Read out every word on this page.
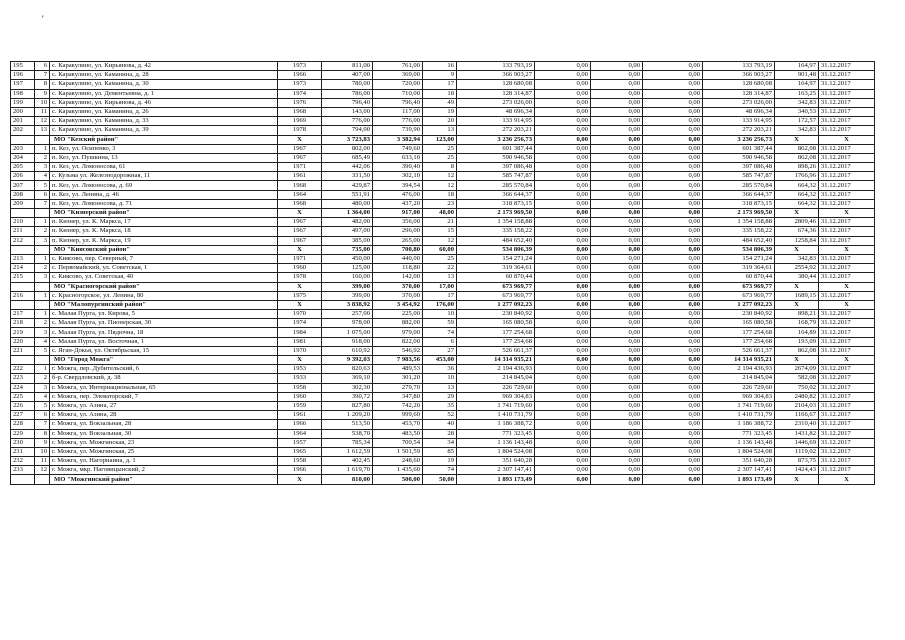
'
195	6	с. Каракулино, ул. Кирьянова, д. 42	1973	811,00	761,00	16	133 793,19	0,00	0,00	0,00	133 793,19	164,97	31.12.2017
196	7	с. Каракулино, ул. Каманина, д. 28	1966	407,00	369,00	9	366 903,27	0,00	0,00	0,00	366 903,27	901,48	31.12.2017
197	8	с. Каракулино, ул. Каманина, д. 30	1973	780,00	720,00	17	128 680,08	0,00	0,00	0,00	128 680,08	164,97	31.12.2017
198	9	с. Каракулино, ул. Дементьевна, д. 1	1974	786,00	710,00	18	128 314,87	0,00	0,00	0,00	128 314,87	163,25	31.12.2017
199	10	с. Каракулино, ул. Кирьянова, д. 46	1976	796,40	796,40	49	273 026,00	0,00	0,00	0,00	273 026,00	342,83	31.12.2017
200	11	с. Каракулино, ул. Каманина, д. 26	1968	143,00	117,00	19	48 696,34	0,00	0,00	0,00	48 696,34	340,53	31.12.2017
201	12	с. Каракулино, ул. Каманина, д. 33	1969	776,00	776,00	20	133 914,95	0,00	0,00	0,00	133 914,95	172,57	31.12.2017
202	13	с. Каракулино, ул. Каманина, д. 39	1978	794,00	739,90	13	272 203,21	0,00	0,00	0,00	272 203,21	342,83	31.12.2017
		МО "Кезский район"	X	3 723,83	3 382,94	123,00	3 236 256,73	0,00	0,00	0,00	3 236 256,73	X	X
203	1	п. Кез, ул. Осипенко, 3	1967	802,00	749,60	25	691 387,44	0,00	0,00	0,00	691 387,44	862,08	31.12.2017
204	2	п. Кез, ул. Пушкина, 13	1967	685,49	633,10	25	590 946,58	0,00	0,00	0,00	590 946,58	862,08	31.12.2017
205	3	п. Кез, ул. Ломоносова, 61	1971	442,06	390,40	8	397 086,48	0,00	0,00	0,00	397 086,48	898,26	31.12.2017
206	4	с. Кузьма ул. Железнодорожная, 11	1961	331,50	302,10	12	585 747,87	0,00	0,00	0,00	585 747,87	1766,96	31.12.2017
207	5	п. Кез, ул. Ломоносова, д. 69	1968	429,87	394,54	12	285 570,84	0,00	0,00	0,00	285 570,84	664,32	31.12.2017
208	6	п. Кез, ул. Ленина, д. 46	1964	551,91	476,00	18	366 644,37	0,00	0,00	0,00	366 644,37	664,32	31.12.2017
209	7	п. Кез, ул. Ломоносова, д. 71	1968	480,00	437,20	23	318 873,15	0,00	0,00	0,00	318 873,15	664,32	31.12.2017
		МО "Кизнерский район"	X	1 364,00	917,00	48,00	2 173 969,50	0,00	0,00	0,00	2 173 969,50	X	X
210	1	п. Кизнер, ул. К. Маркса, 17	1967	482,00	356,00	21	1 354 158,88	0,00	0,00	0,00	1 354 158,88	2809,46	31.12.2017
211	2	п. Кизнер, ул. К. Маркса, 18	1967	497,00	296,00	15	335 158,22	0,00	0,00	0,00	335 158,22	674,36	31.12.2017
212	3	п. Кизнер, ул. К. Маркса, 19	1967	385,00	265,00	12	484 652,40	0,00	0,00	0,00	484 652,40	1258,84	31.12.2017
		МО "Киясовский район"	X	735,00	700,80	60,00	534 806,39	0,00	0,00	0,00	534 806,39	X	X
213	1	с. Киясово, пер. Северный, 7	1971	450,00	440,00	25	154 271,24	0,00	0,00	0,00	154 271,24	342,83	31.12.2017
214	2	с. Первомайский, ул. Советская, 1	1960	125,00	118,80	22	319 364,61	0,00	0,00	0,00	319 364,61	2554,92	31.12.2017
215	3	с. Киясово, ул. Советская, 40	1978	160,00	142,00	13	60 870,44	0,00	0,00	0,00	60 870,44	380,44	31.12.2017
		МО "Красногорский район"	X	399,00	370,00	17,00	673 969,77	0,00	0,00	0,00	673 969,77	X	X
216	1	с. Красногорское, ул. Ленина, 80	1975	399,00	370,00	17	673 969,77	0,00	0,00	0,00	673 969,77	1689,15	31.12.2017
		МО "Малопургинский район"	X	3 838,92	3 454,92	176,00	1 277 092,23	0,00	0,00	0,00	1 277 092,23	X	X
217	1	с. Малая Пурга, ул. Кирова, 5	1970	257,00	225,00	10	230 840,92	0,00	0,00	0,00	230 840,92	898,21	31.12.2017
218	2	с. Малая Пурга, ул. Пионерская, 30	1974	978,00	882,00	59	165 080,58	0,00	0,00	0,00	165 080,58	168,79	31.12.2017
219	3	с. Малая Пурга, ул. Пядючна, 18	1984	1 075,00	979,00	74	177 254,68	0,00	0,00	0,00	177 254,68	164,89	31.12.2017
220	4	с. Малая Пурга, ул. Восточная, 1	1981	918,00	822,00	6	177 254,68	0,00	0,00	0,00	177 254,68	193,09	31.12.2017
221	5	с. Яган-Докья, ул. Октябрьская, 15	1970	610,92	546,92	27	526 661,37	0,00	0,00	0,00	526 661,37	862,08	31.12.2017
		МО "Город Можга"	X	9 392,03	7 983,56	453,00	14 314 935,21	0,00	0,00	0,00	14 314 935,21	X	X
222	1	г. Можга, пер. Дубительский, 6	1953	820,63	489,53	36	2 194 436,93	0,00	0,00	0,00	2 194 436,93	2674,09	31.12.2017
223	2	б-р. Свердловский, д. 38	1933	369,10	301,20	10	214 845,04	0,00	0,00	0,00	214 845,04	582,08	31.12.2017
224	3	г. Можга, ул. Интернациональная, 65	1958	302,30	279,70	13	226 729,60	0,00	0,00	0,00	226 729,60	750,02	31.12.2017
225	4	г. Можга, пер. Элеваторский, 7	1960	390,72	347,80	29	969 304,83	0,00	0,00	0,00	969 304,83	2480,82	31.12.2017
226	5	г. Можга, ул. Азина, 27	1959	827,80	742,20	35	1 741 719,60	0,00	0,00	0,00	1 741 719,60	2104,03	31.12.2017
227	6	г. Можга, ул. Азина, 28	1961	1 209,20	999,60	52	1 410 731,79	0,00	0,00	0,00	1 410 731,79	1166,67	31.12.2017
228	7	г. Можга, ул. Вокзальная, 28	1966	513,50	453,70	40	1 186 388,72	0,00	0,00	0,00	1 186 388,72	2310,40	31.12.2017
229	8	г. Можга, ул. Вокзальная, 30	1964	538,70	483,50	28	771 323,45	0,00	0,00	0,00	771 323,45	1431,82	31.12.2017
230	9	г. Можга, ул. Можгинская, 23	1957	785,34	700,54	34	1 136 143,48	0,00	0,00	0,00	1 136 143,48	1446,69	31.12.2017
231	10	г. Можга, ул. Можгинская, 25	1965	1 612,59	1 501,59	85	1 804 524,08	0,00	0,00	0,00	1 804 524,08	1119,02	31.12.2017
232	11	г. Можга, ул. Нагорнаина, д. 1	1958	402,45	248,60	19	351 640,28	0,00	0,00	0,00	351 640,28	873,75	31.12.2017
233	12	г. Можга, мкр. Наговицынский, 2	1966	1 619,70	1 435,60	74	2 307 147,41	0,00	0,00	0,00	2 307 147,41	1424,43	31.12.2017
		МО "Можгинский район"	X	810,00	500,00	50,00	1 893 173,49	0,00	0,00	0,00	1 893 173,49	X	X
